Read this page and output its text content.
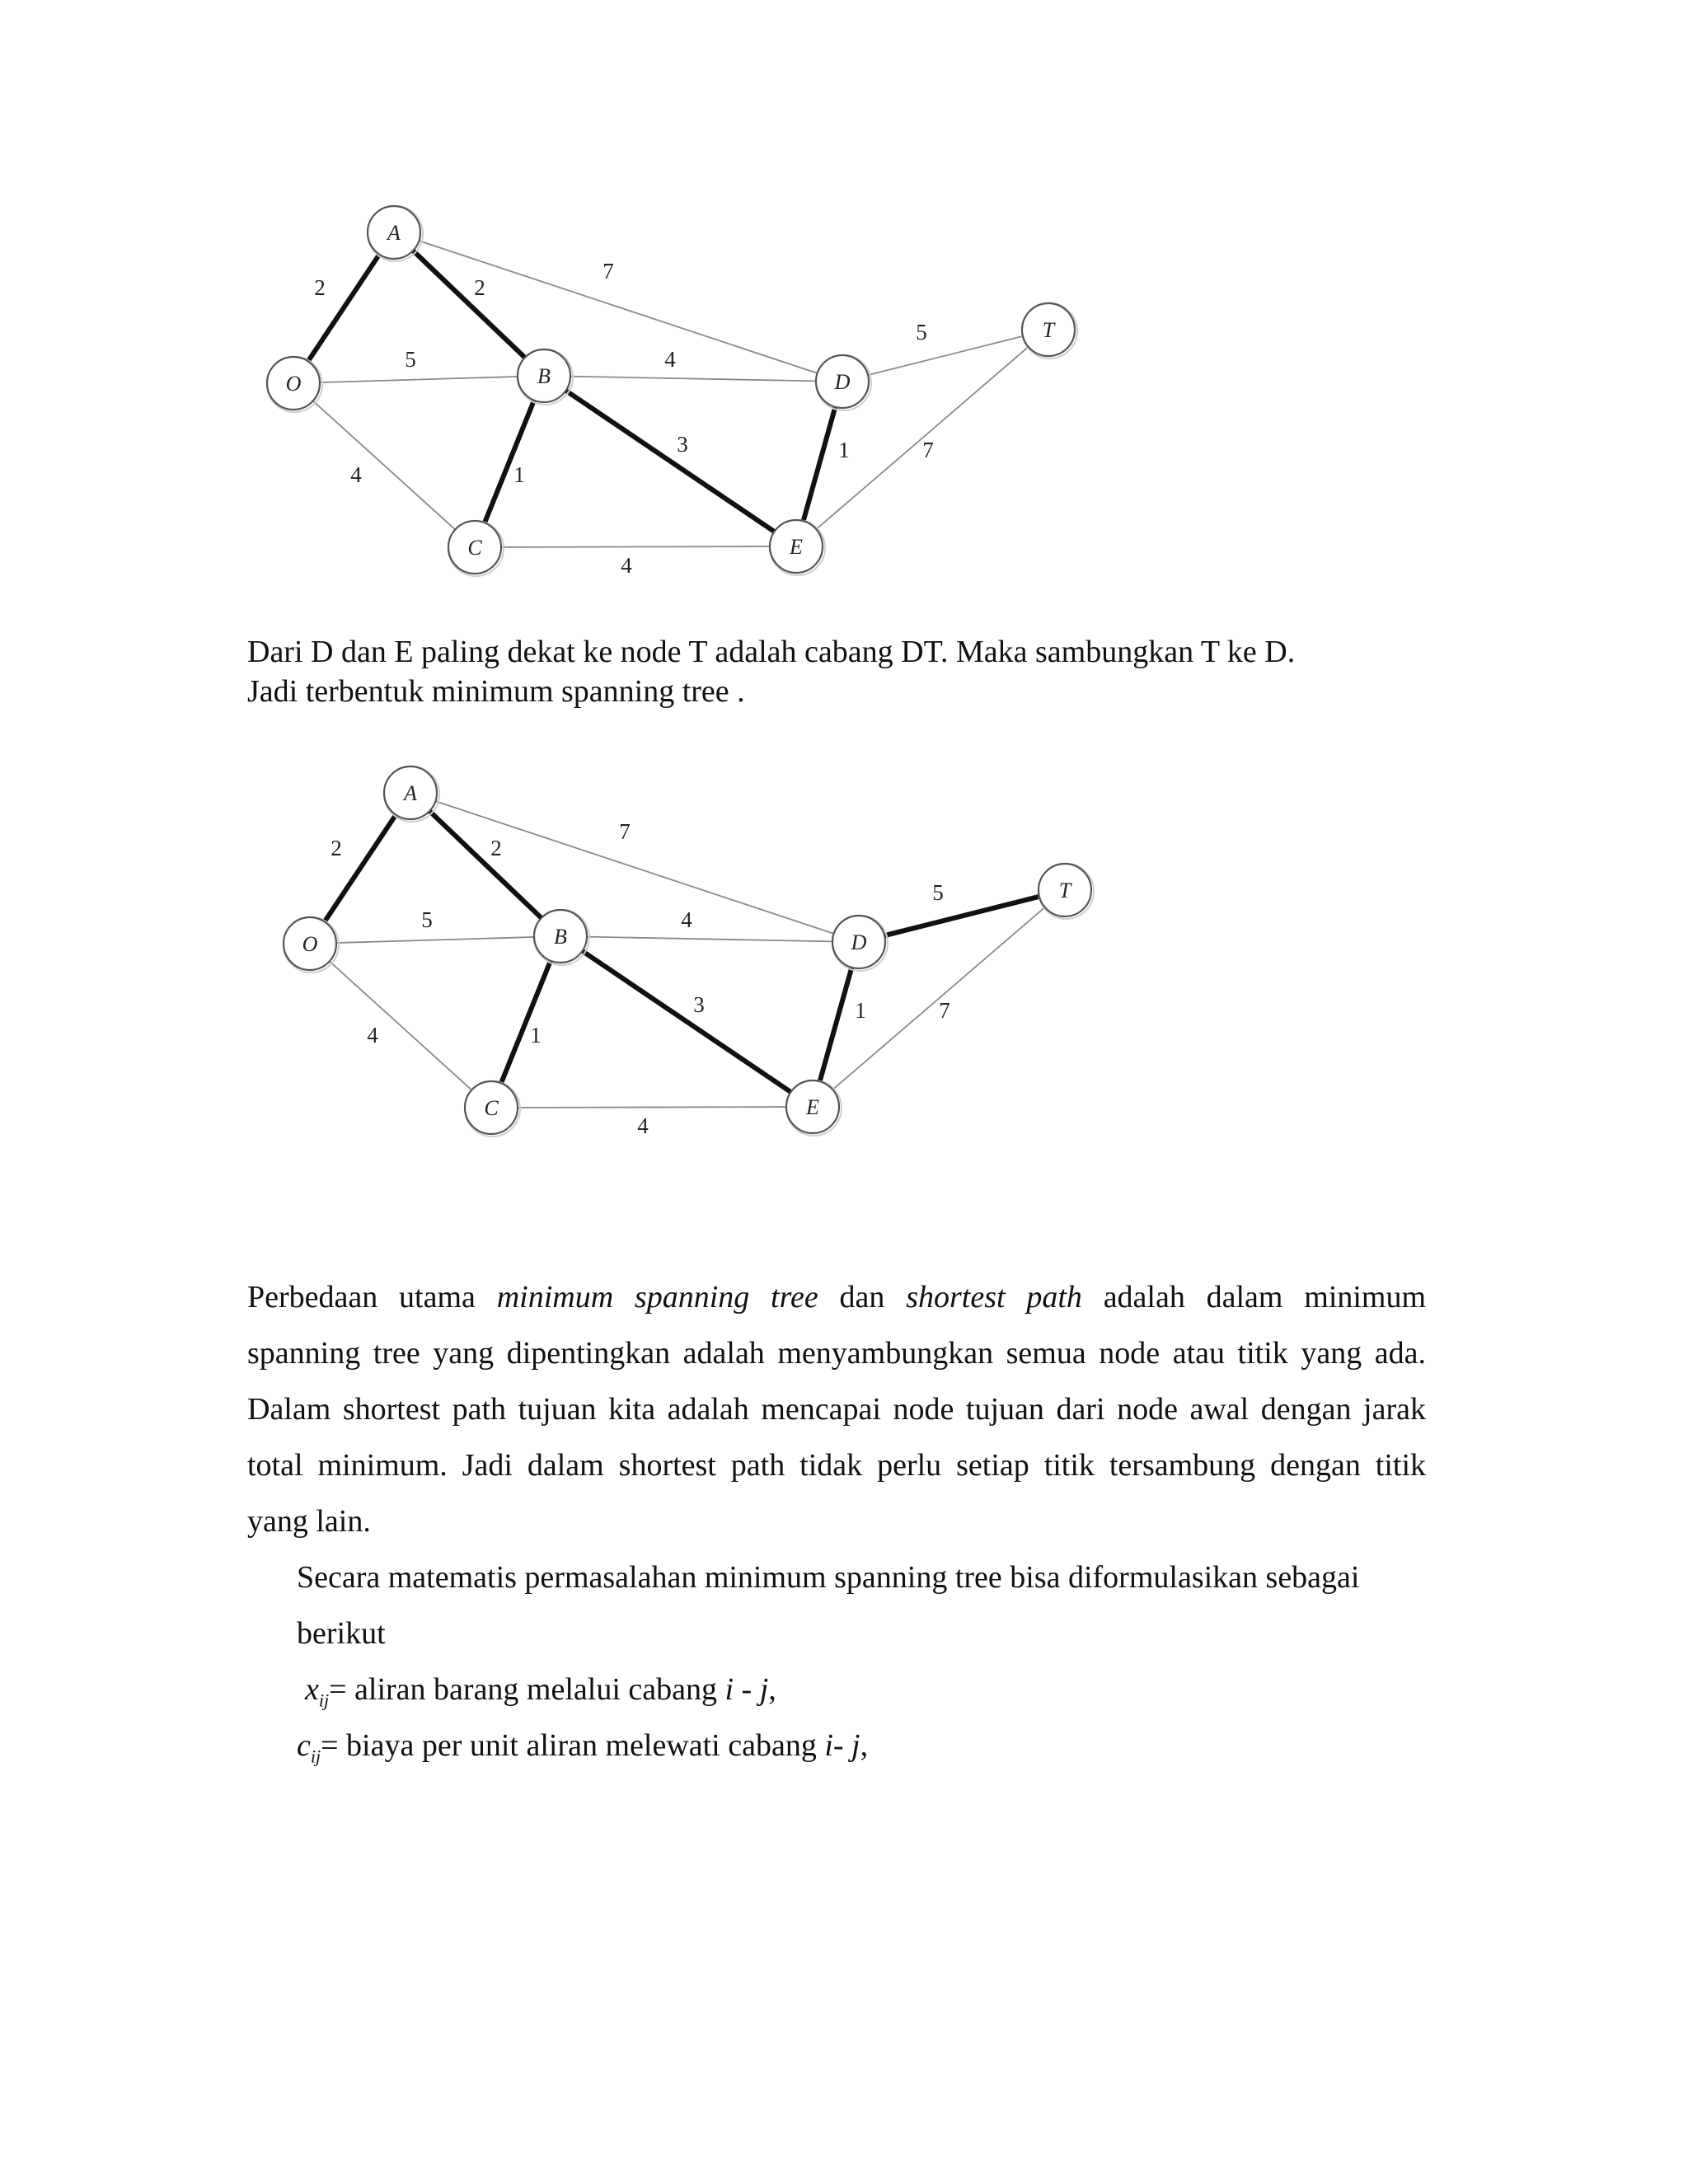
2	2
7
5	4
5
4	1
3	1	7
4
O
A
B
C
D
E
T
Dari D dan E paling dekat ke node T adalah cabang DT. Maka sambungkan T ke D.
Jadi terbentuk minimum spanning tree .
2	2
7
5	4
5
4	1
3	1	7
4
O
A
B
C
D
E
T
Perbedaan utama minimum spanning tree dan shortest path adalah dalam minimum
spanning tree yang dipentingkan adalah menyambungkan semua node atau titik yang ada.
Dalam shortest path tujuan kita adalah mencapai node tujuan dari node awal dengan jarak
total minimum. Jadi dalam shortest path tidak perlu setiap titik tersambung dengan titik
yang lain.
Secara matematis permasalahan minimum spanning tree bisa diformulasikan sebagai
berikut
$x_{ij}=$ aliran barang melalui cabang i - j,
$c_{ij}=$ biaya per unit aliran melewati cabang i- j,
